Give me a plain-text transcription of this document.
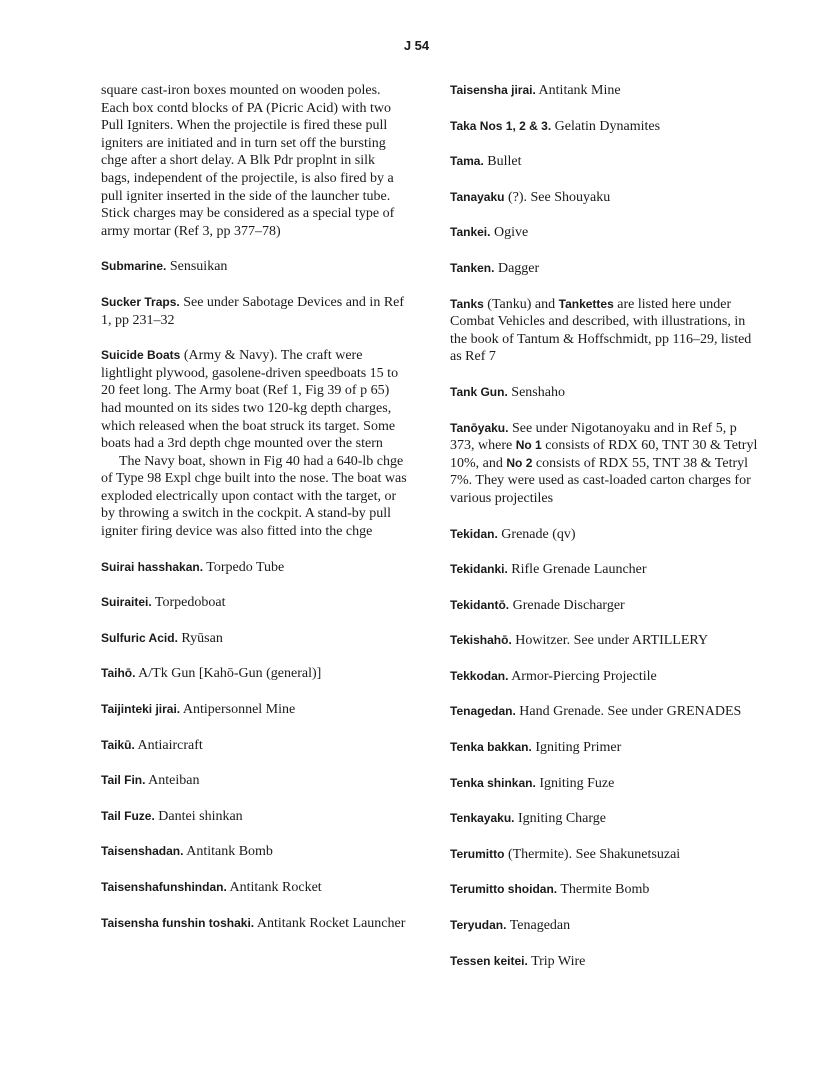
J 54

square cast-iron boxes mounted on wooden poles. Each box contd blocks of PA (Picric Acid) with two Pull Igniters. When the projectile is fired these pull igniters are initiated and in turn set off the bursting chge after a short delay. A Blk Pdr proplnt in silk bags, independent of the projectile, is also fired by a pull igniter inserted in the side of the launcher tube. Stick charges may be considered as a special type of army mortar (Ref 3, pp 377–78)

Submarine. Sensuikan

Sucker Traps. See under Sabotage Devices and in Ref 1, pp 231–32

Suicide Boats (Army & Navy). The craft were lightlight plywood, gasolene-driven speedboats 15 to 20 feet long. The Army boat (Ref 1, Fig 39 of p 65) had mounted on its sides two 120-kg depth charges, which released when the boat struck its target. Some boats had a 3rd depth chge mounted over the stern

The Navy boat, shown in Fig 40 had a 640-lb chge of Type 98 Expl chge built into the nose. The boat was exploded electrically upon contact with the target, or by throwing a switch in the cockpit. A stand-by pull igniter firing device was also fitted into the chge

Suirai hasshakan. Torpedo Tube

Suiraitei. Torpedoboat

Sulfuric Acid. Ryūsan

Taihō. A/Tk Gun [Kahō-Gun (general)]

Taijinteki jirai. Antipersonnel Mine

Taikū. Antiaircraft

Tail Fin. Anteiban

Tail Fuze. Dantei shinkan

Taisenshadan. Antitank Bomb

Taisenshafunshindan. Antitank Rocket

Taisensha funshin toshaki. Antitank Rocket Launcher

Taisensha jirai. Antitank Mine

Taka Nos 1, 2 & 3. Gelatin Dynamites

Tama. Bullet

Tanayaku (?). See Shouyaku

Tankei. Ogive

Tanken. Dagger

Tanks (Tanku) and Tankettes are listed here under Combat Vehicles and described, with illustrations, in the book of Tantum & Hoffschmidt, pp 116–29, listed as Ref 7

Tank Gun. Senshaho

Tanōyaku. See under Nigotanoyaku and in Ref 5, p 373, where No 1 consists of RDX 60, TNT 30 & Tetryl 10%, and No 2 consists of RDX 55, TNT 38 & Tetryl 7%. They were used as cast-loaded carton charges for various projectiles

Tekidan. Grenade (qv)

Tekidanki. Rifle Grenade Launcher

Tekidantō. Grenade Discharger

Tekishahō. Howitzer. See under ARTILLERY

Tekkodan. Armor-Piercing Projectile

Tenagedan. Hand Grenade. See under GRENADES

Tenka bakkan. Igniting Primer

Tenka shinkan. Igniting Fuze

Tenkayaku. Igniting Charge

Terumitto (Thermite). See Shakunetsuzai

Terumitto shoidan. Thermite Bomb

Teryudan. Tenagedan

Tessen keitei. Trip Wire
